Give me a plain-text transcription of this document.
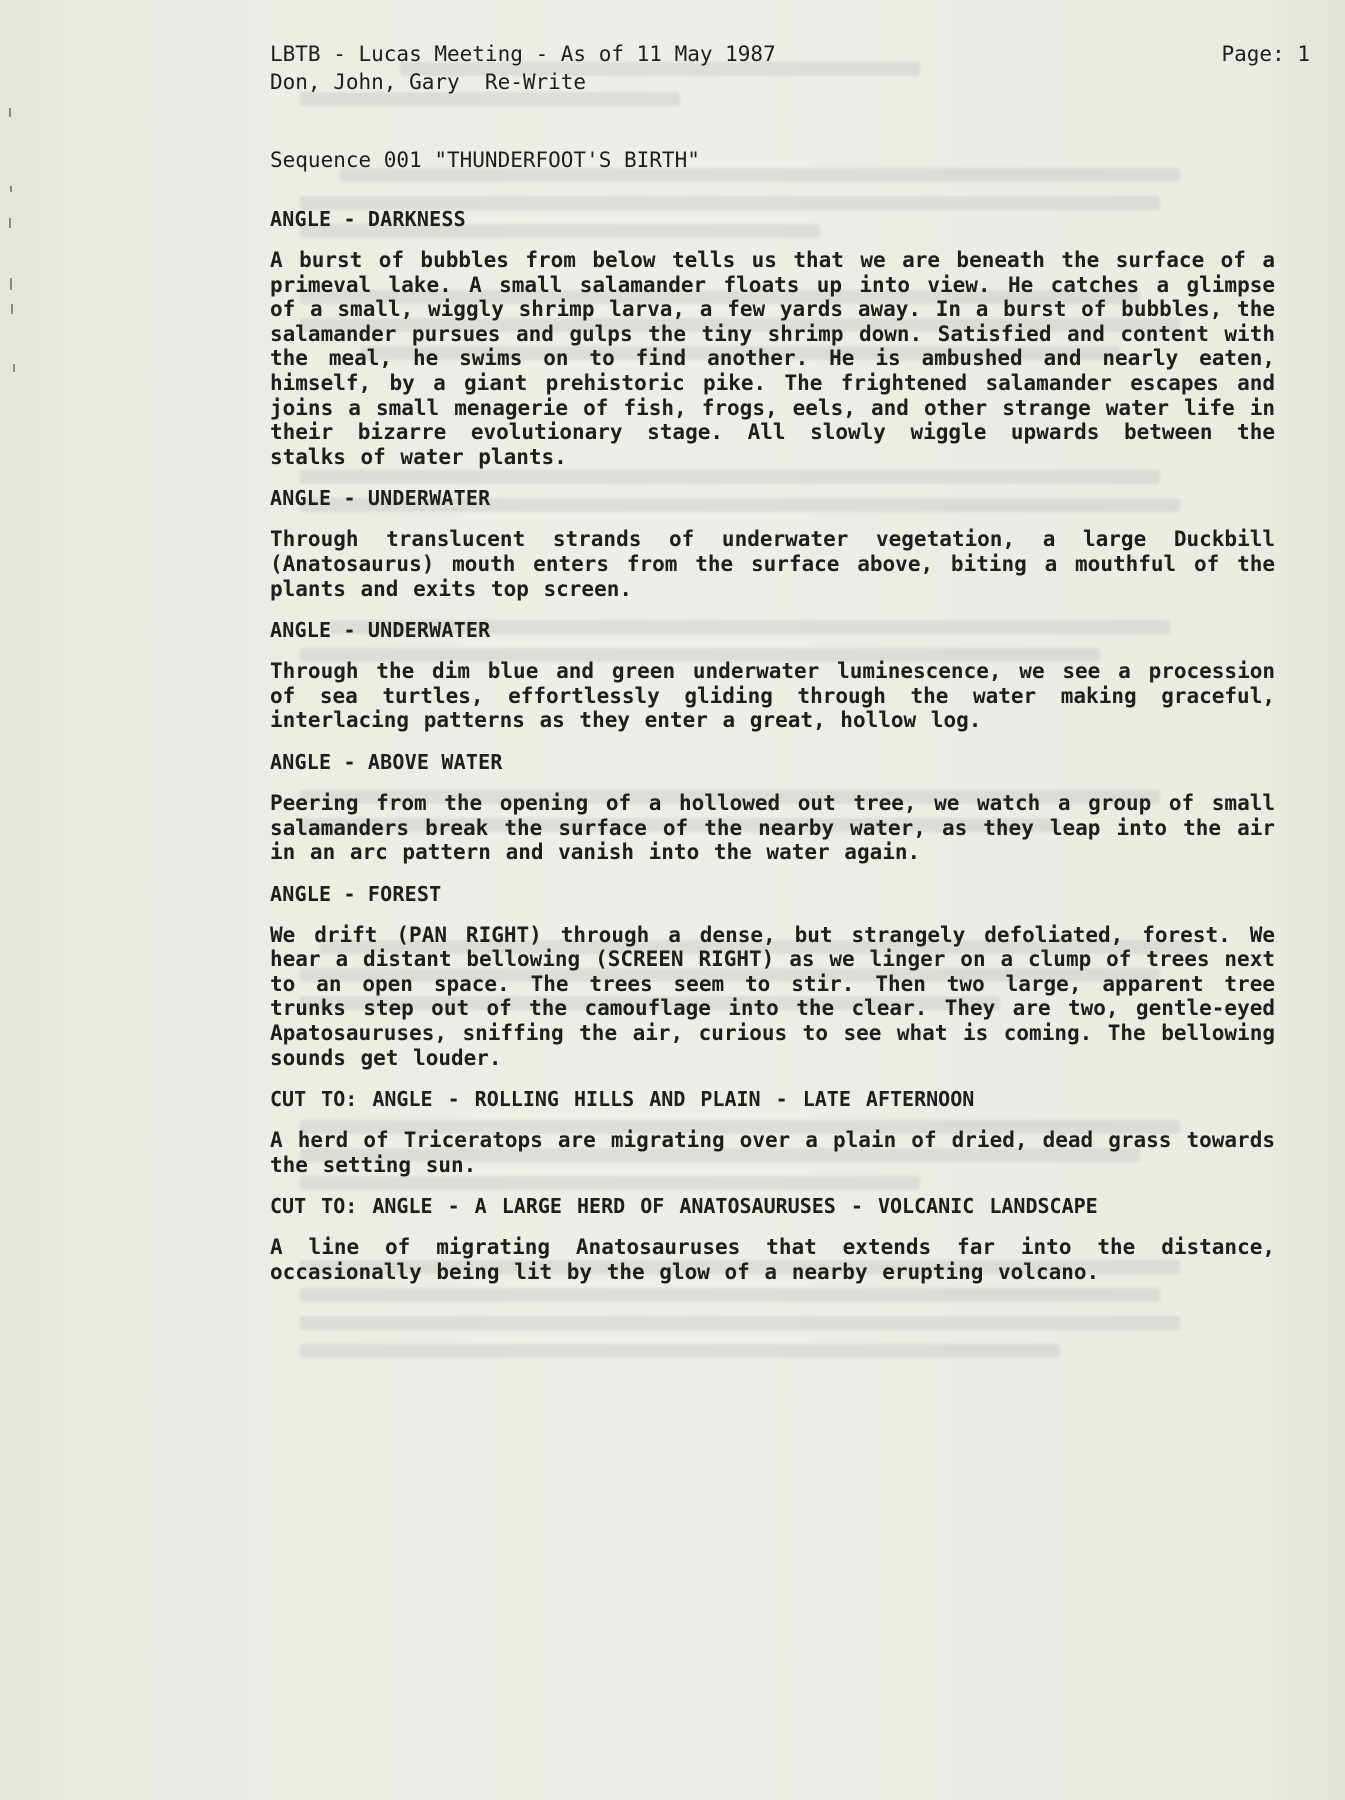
LBTB - Lucas Meeting - As of 11 May 1987
Don, John, Gary  Re-Write
Page: 1
Sequence 001 "THUNDERFOOT'S BIRTH"
ANGLE - DARKNESS
A burst of bubbles from below tells us that we are beneath the surface of a primeval lake. A small salamander floats up into view. He catches a glimpse of a small, wiggly shrimp larva, a few yards away. In a burst of bubbles, the salamander pursues and gulps the tiny shrimp down. Satisfied and content with the meal, he swims on to find another. He is ambushed and nearly eaten, himself, by a giant prehistoric pike. The frightened salamander escapes and joins a small menagerie of fish, frogs, eels, and other strange water life in their bizarre evolutionary stage. All slowly wiggle upwards between the stalks of water plants.
ANGLE - UNDERWATER
Through translucent strands of underwater vegetation, a large Duckbill (Anatosaurus) mouth enters from the surface above, biting a mouthful of the plants and exits top screen.
ANGLE - UNDERWATER
Through the dim blue and green underwater luminescence, we see a procession of sea turtles, effortlessly gliding through the water making graceful, interlacing patterns as they enter a great, hollow log.
ANGLE - ABOVE WATER
Peering from the opening of a hollowed out tree, we watch a group of small salamanders break the surface of the nearby water, as they leap into the air in an arc pattern and vanish into the water again.
ANGLE - FOREST
We drift (PAN RIGHT) through a dense, but strangely defoliated, forest. We hear a distant bellowing (SCREEN RIGHT) as we linger on a clump of trees next to an open space. The trees seem to stir. Then two large, apparent tree trunks step out of the camouflage into the clear. They are two, gentle-eyed Apatosauruses, sniffing the air, curious to see what is coming. The bellowing sounds get louder.
CUT TO: ANGLE - ROLLING HILLS AND PLAIN - LATE AFTERNOON
A herd of Triceratops are migrating over a plain of dried, dead grass towards the setting sun.
CUT TO: ANGLE - A LARGE HERD OF ANATOSAURUSES - VOLCANIC LANDSCAPE
A line of migrating Anatosauruses that extends far into the distance, occasionally being lit by the glow of a nearby erupting volcano.
